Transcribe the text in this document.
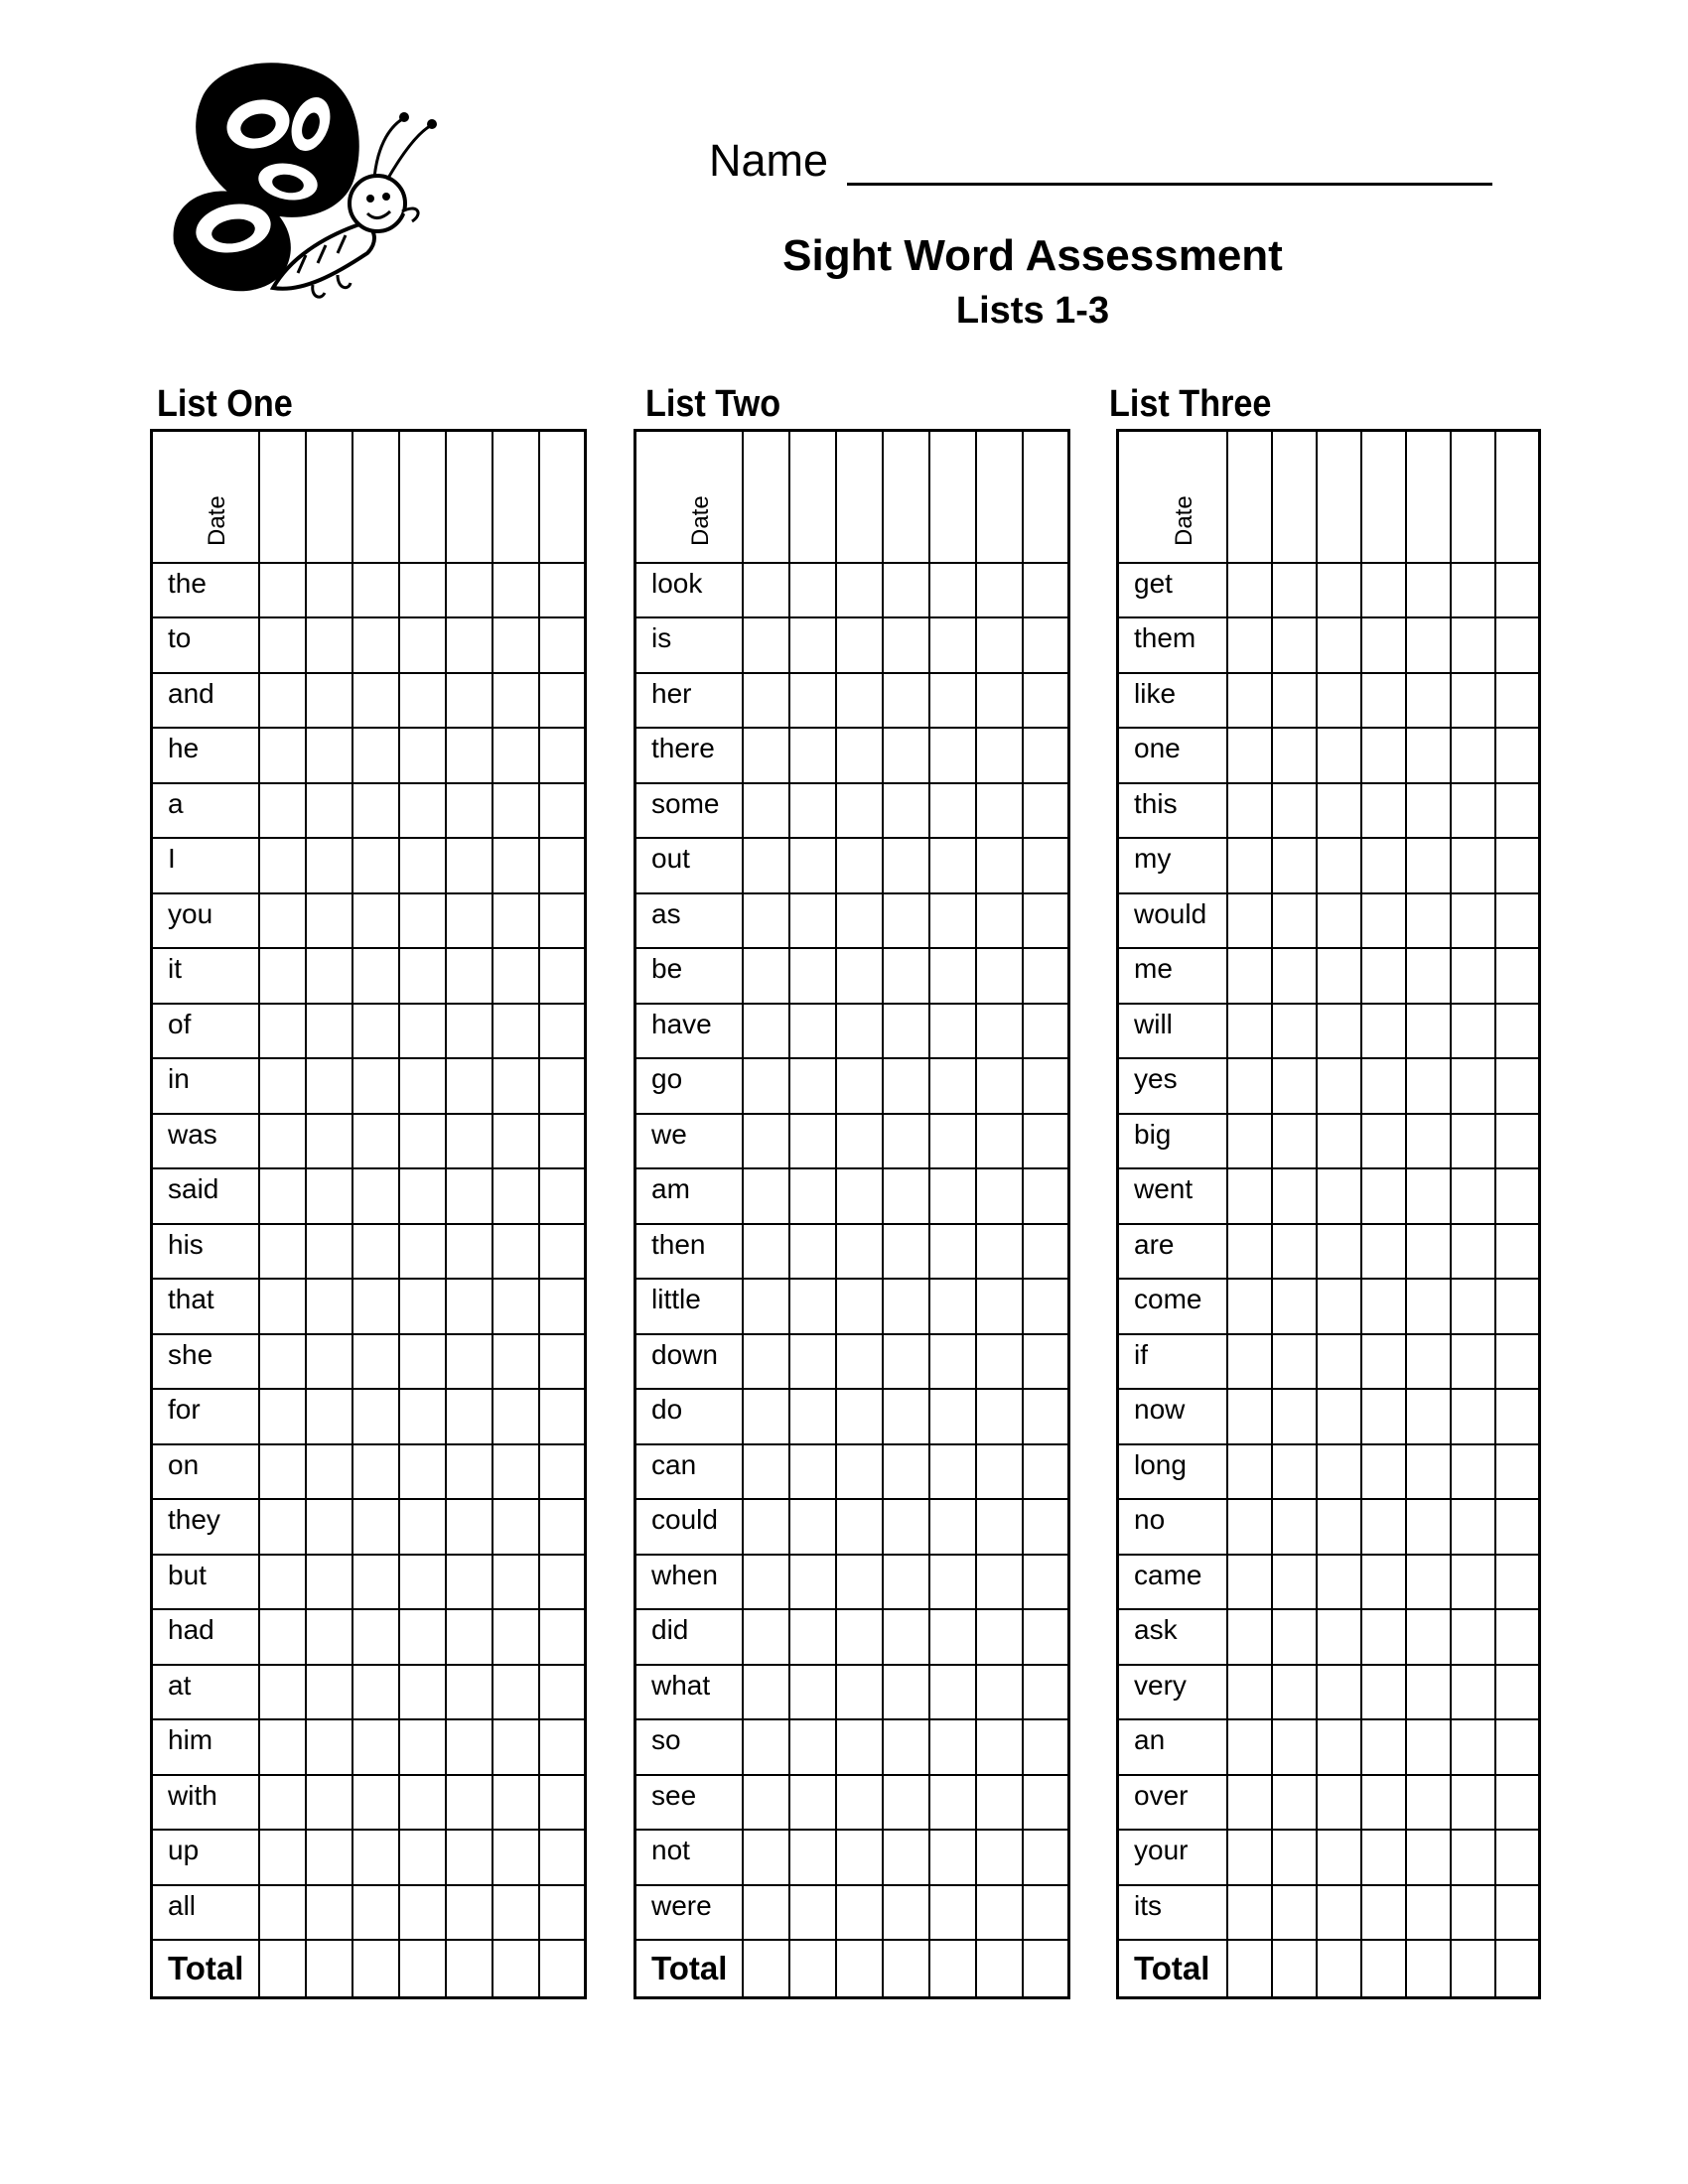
Name
Sight Word Assessment
Lists 1-3
List One	List Two	List Three
Date							

the							
to							
and							
he							
a							
I							
you							
it							
of							
in							
was							
said							
his							
that							
she							
for							
on							
they							
but							
had							
at							
him							
with							
up							
all							
Total							
Date							

look							
is							
her							
there							
some							
out							
as							
be							
have							
go							
we							
am							
then							
little							
down							
do							
can							
could							
when							
did							
what							
so							
see							
not							
were							
Total							
Date							

get							
them							
like							
one							
this							
my							
would							
me							
will							
yes							
big							
went							
are							
come							
if							
now							
long							
no							
came							
ask							
very							
an							
over							
your							
its							
Total							
